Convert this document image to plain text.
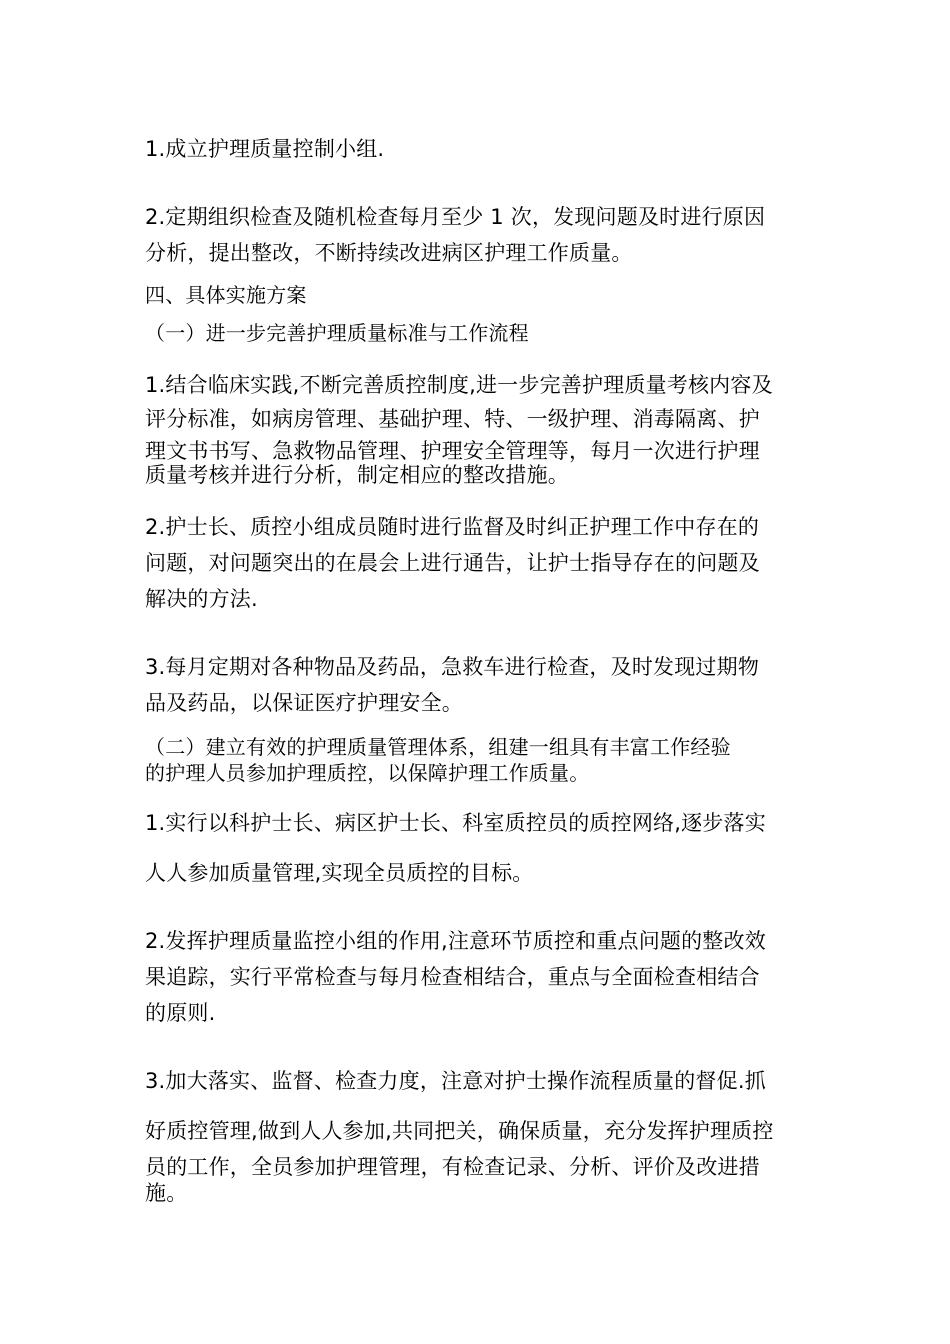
1.成立护理质量控制小组.

2.定期组织检查及随机检查每月至少 1 次，发现问题及时进行原因

分析，提出整改，不断持续改进病区护理工作质量。

四、具体实施方案

（一）进一步完善护理质量标准与工作流程

1.结合临床实践,不断完善质控制度,进一步完善护理质量考核内容及

评分标准，如病房管理、基础护理、特、一级护理、消毒隔离、护

理文书书写、急救物品管理、护理安全管理等，每月一次进行护理

质量考核并进行分析，制定相应的整改措施。

2.护士长、质控小组成员随时进行监督及时纠正护理工作中存在的

问题，对问题突出的在晨会上进行通告，让护士指导存在的问题及

解决的方法.

3.每月定期对各种物品及药品，急救车进行检查，及时发现过期物

品及药品，以保证医疗护理安全。

（二）建立有效的护理质量管理体系，组建一组具有丰富工作经验

的护理人员参加护理质控，以保障护理工作质量。

1.实行以科护士长、病区护士长、科室质控员的质控网络,逐步落实

人人参加质量管理,实现全员质控的目标。

2.发挥护理质量监控小组的作用,注意环节质控和重点问题的整改效

果追踪，实行平常检查与每月检查相结合，重点与全面检查相结合

的原则.

3.加大落实、监督、检查力度，注意对护士操作流程质量的督促.抓

好质控管理,做到人人参加,共同把关，确保质量，充分发挥护理质控

员的工作，全员参加护理管理，有检查记录、分析、评价及改进措

施。
